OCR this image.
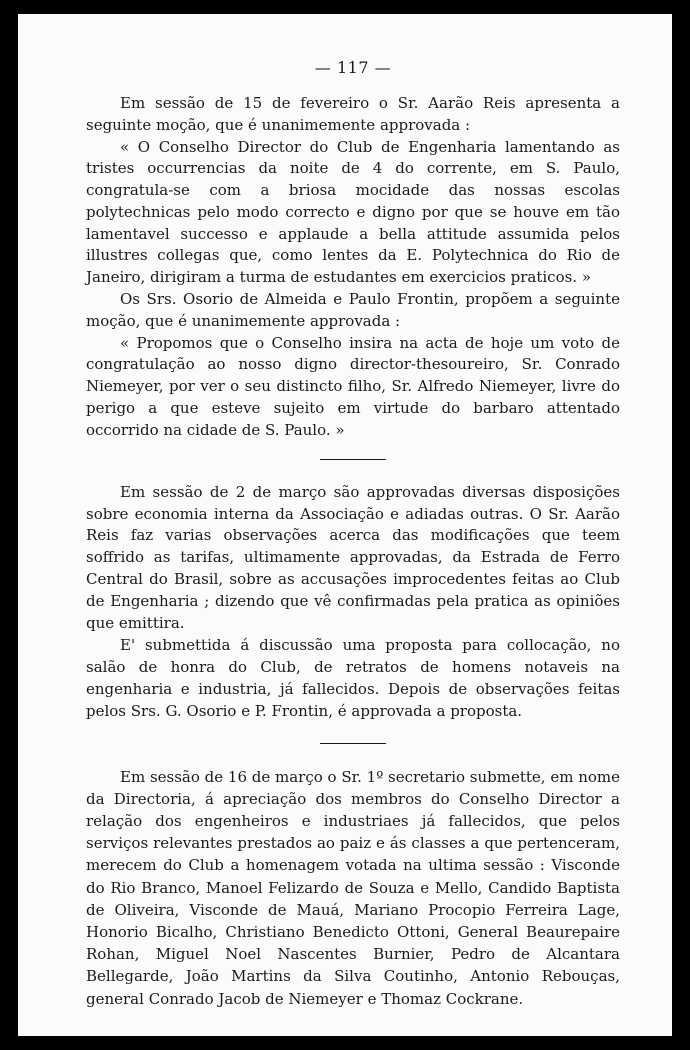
— 117 —

Em sessão de 15 de fevereiro o Sr. Aarão Reis apresenta a seguinte moção, que é unanimemente approvada :

« O Conselho Director do Club de Engenharia lamentando as tristes occurrencias da noite de 4 do corrente, em S. Paulo, congratula-se com a briosa mocidade das nossas escolas polytechnicas pelo modo correcto e digno por que se houve em tão lamentavel successo e applaude a bella attitude assumida pelos illustres collegas que, como lentes da E. Polytechnica do Rio de Janeiro, dirigiram a turma de estudantes em exercicios praticos. »

Os Srs. Osorio de Almeida e Paulo Frontin, propõem a seguinte moção, que é unanimemente approvada :

« Propomos que o Conselho insira na acta de hoje um voto de congratulação ao nosso digno director-thesoureiro, Sr. Conrado Niemeyer, por ver o seu distincto filho, Sr. Alfredo Niemeyer, livre do perigo a que esteve sujeito em virtude do barbaro attentado occorrido na cidade de S. Paulo. »

Em sessão de 2 de março são approvadas diversas disposições sobre economia interna da Associação e adiadas outras. O Sr. Aarão Reis faz varias observações acerca das modificações que teem soffrido as tarifas, ultimamente approvadas, da Estrada de Ferro Central do Brasil, sobre as accusações improcedentes feitas ao Club de Engenharia ; dizendo que vê confirmadas pela pratica as opiniões que emittira.

E' submettida á discussão uma proposta para collocação, no salão de honra do Club, de retratos de homens notaveis na engenharia e industria, já fallecidos. Depois de observações feitas pelos Srs. G. Osorio e P. Frontin, é approvada a proposta.

Em sessão de 16 de março o Sr. 1º secretario submette, em nome da Directoria, á apreciação dos membros do Conselho Director a relação dos engenheiros e industriaes já fallecidos, que pelos serviços relevantes prestados ao paiz e ás classes a que pertenceram, merecem do Club a homenagem votada na ultima sessão : Visconde do Rio Branco, Manoel Felizardo de Souza e Mello, Candido Baptista de Oliveira, Visconde de Mauá, Mariano Procopio Ferreira Lage, Honorio Bicalho, Christiano Benedicto Ottoni, General Beaurepaire Rohan, Miguel Noel Nascentes Burnier, Pedro de Alcantara Bellegarde, João Martins da Silva Coutinho, Antonio Rebouças, general Conrado Jacob de Niemeyer e Thomaz Cockrane.
